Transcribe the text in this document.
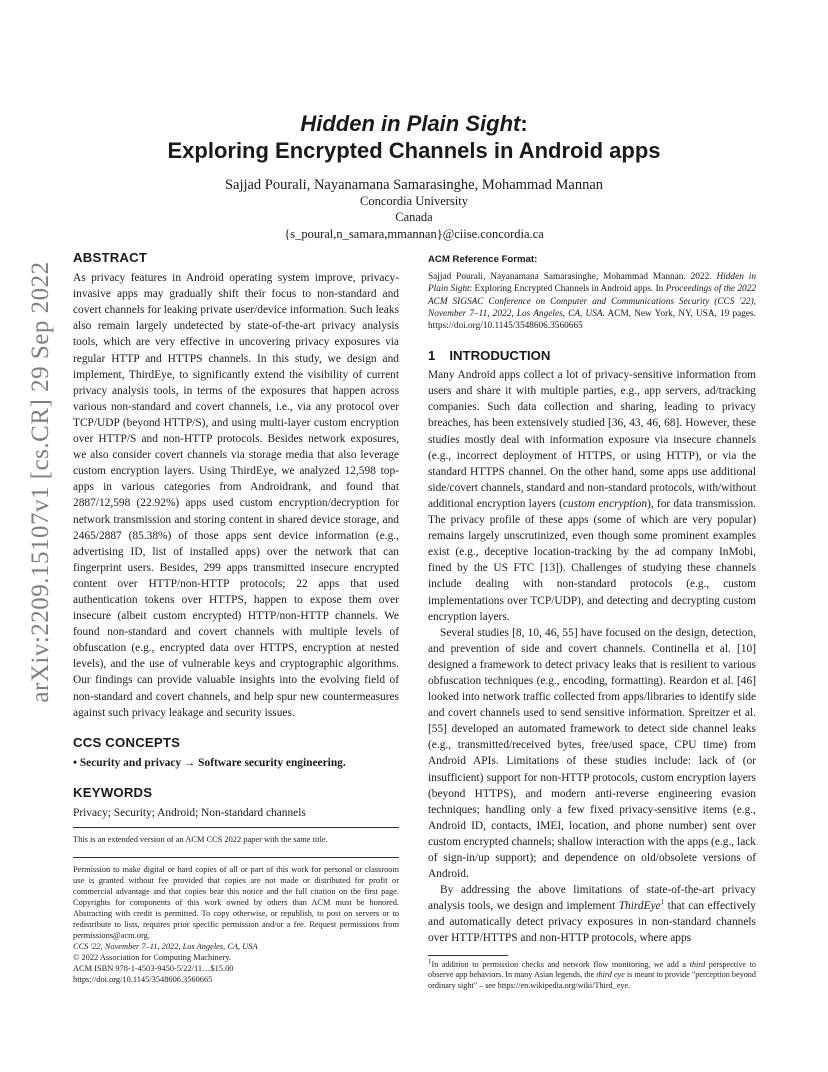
arXiv:2209.15107v1 [cs.CR] 29 Sep 2022
Hidden in Plain Sight:
Exploring Encrypted Channels in Android apps
Sajjad Pourali, Nayanamana Samarasinghe, Mohammad Mannan
Concordia University
Canada
{s_poural,n_samara,mmannan}@ciise.concordia.ca
ABSTRACT

As privacy features in Android operating system improve, privacy-invasive apps may gradually shift their focus to non-standard and covert channels for leaking private user/device information. Such leaks also remain largely undetected by state-of-the-art privacy analysis tools, which are very effective in uncovering privacy exposures via regular HTTP and HTTPS channels. In this study, we design and implement, ThirdEye, to significantly extend the visibility of current privacy analysis tools, in terms of the exposures that happen across various non-standard and covert channels, i.e., via any protocol over TCP/UDP (beyond HTTP/S), and using multi-layer custom encryption over HTTP/S and non-HTTP protocols. Besides network exposures, we also consider covert channels via storage media that also leverage custom encryption layers. Using ThirdEye, we analyzed 12,598 top-apps in various categories from Androidrank, and found that 2887/12,598 (22.92%) apps used custom encryption/decryption for network transmission and storing content in shared device storage, and 2465/2887 (85.38%) of those apps sent device information (e.g., advertising ID, list of installed apps) over the network that can fingerprint users. Besides, 299 apps transmitted insecure encrypted content over HTTP/non-HTTP protocols; 22 apps that used authentication tokens over HTTPS, happen to expose them over insecure (albeit custom encrypted) HTTP/non-HTTP channels. We found non-standard and covert channels with multiple levels of obfuscation (e.g., encrypted data over HTTPS, encryption at nested levels), and the use of vulnerable keys and cryptographic algorithms. Our findings can provide valuable insights into the evolving field of non-standard and covert channels, and help spur new countermeasures against such privacy leakage and security issues.

CCS CONCEPTS
• Security and privacy → Software security engineering.
KEYWORDS
Privacy; Security; Android; Non-standard channels
This is an extended version of an ACM CCS 2022 paper with the same title.
Permission to make digital or hard copies of all or part of this work for personal or classroom use is granted without fee provided that copies are not made or distributed for profit or commercial advantage and that copies bear this notice and the full citation on the first page. Copyrights for components of this work owned by others than ACM must be honored. Abstracting with credit is permitted. To copy otherwise, or republish, to post on servers or to redistribute to lists, requires prior specific permission and/or a fee. Request permissions from permissions@acm.org.
CCS '22, November 7–11, 2022, Los Angeles, CA, USA
© 2022 Association for Computing Machinery.
ACM ISBN 978-1-4503-9450-5/22/11…$15.00
https://doi.org/10.1145/3548606.3560665
ACM Reference Format:
Sajjad Pourali, Nayanamana Samarasinghe, Mohammad Mannan. 2022. Hidden in Plain Sight: Exploring Encrypted Channels in Android apps. In Proceedings of the 2022 ACM SIGSAC Conference on Computer and Communications Security (CCS '22), November 7–11, 2022, Los Angeles, CA, USA. ACM, New York, NY, USA, 19 pages. https://doi.org/10.1145/3548606.3560665
1 INTRODUCTION

Many Android apps collect a lot of privacy-sensitive information from users and share it with multiple parties, e.g., app servers, ad/tracking companies. Such data collection and sharing, leading to privacy breaches, has been extensively studied [36, 43, 46, 68]. However, these studies mostly deal with information exposure via insecure channels (e.g., incorrect deployment of HTTPS, or using HTTP), or via the standard HTTPS channel. On the other hand, some apps use additional side/covert channels, standard and non-standard protocols, with/without additional encryption layers (custom encryption), for data transmission. The privacy profile of these apps (some of which are very popular) remains largely unscrutinized, even though some prominent examples exist (e.g., deceptive location-tracking by the ad company InMobi, fined by the US FTC [13]). Challenges of studying these channels include dealing with non-standard protocols (e.g., custom implementations over TCP/UDP), and detecting and decrypting custom encryption layers.

Several studies [8, 10, 46, 55] have focused on the design, detection, and prevention of side and covert channels. Continella et al. [10] designed a framework to detect privacy leaks that is resilient to various obfuscation techniques (e.g., encoding, formatting). Reardon et al. [46] looked into network traffic collected from apps/libraries to identify side and covert channels used to send sensitive information. Spreitzer et al. [55] developed an automated framework to detect side channel leaks (e.g., transmitted/received bytes, free/used space, CPU time) from Android APIs. Limitations of these studies include: lack of (or insufficient) support for non-HTTP protocols, custom encryption layers (beyond HTTPS), and modern anti-reverse engineering evasion techniques; handling only a few fixed privacy-sensitive items (e.g., Android ID, contacts, IMEI, location, and phone number) sent over custom encrypted channels; shallow interaction with the apps (e.g., lack of sign-in/up support); and dependence on old/obsolete versions of Android.

By addressing the above limitations of state-of-the-art privacy analysis tools, we design and implement ThirdEye$^1$ that can effectively and automatically detect privacy exposures in non-standard channels over HTTP/HTTPS and non-HTTP protocols, where apps

$^1$In addition to permission checks and network flow monitoring, we add a third perspective to observe app behaviors. In many Asian legends, the third eye is meant to provide "perception beyond ordinary sight" – see https://en.wikipedia.org/wiki/Third_eye.
